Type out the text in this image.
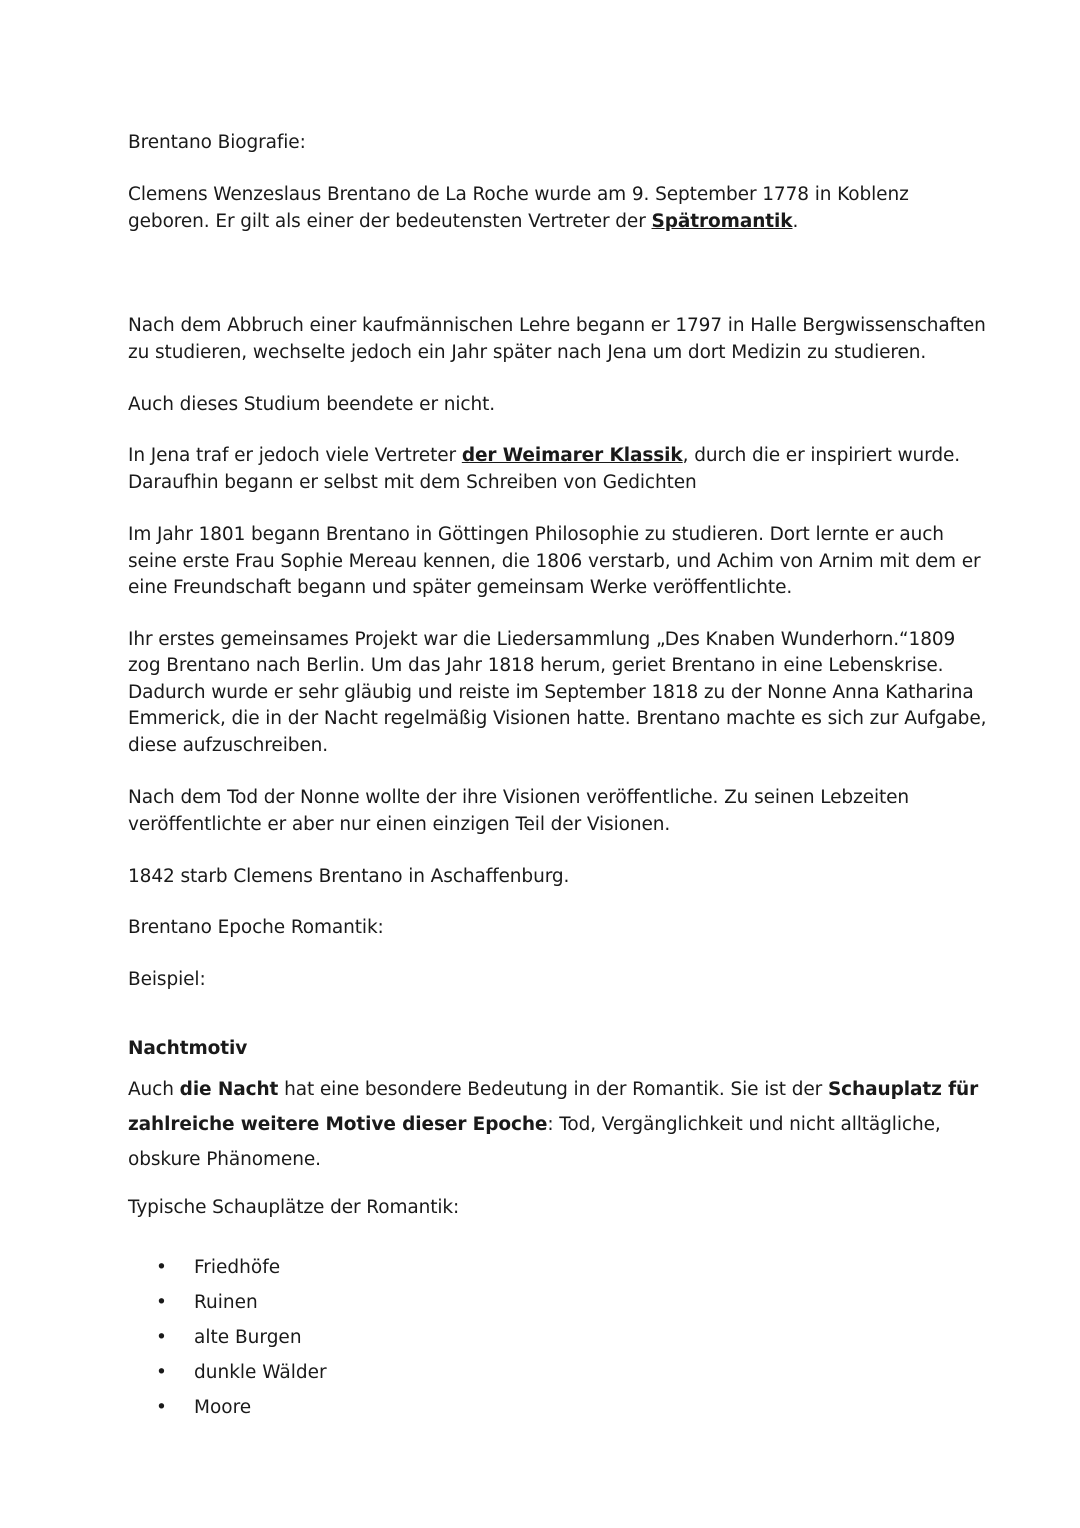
Brentano Biografie:
Clemens Wenzeslaus Brentano de La Roche wurde am 9. September 1778 in Koblenz
geboren. Er gilt als einer der bedeutensten Vertreter der Spätromantik.
Nach dem Abbruch einer kaufmännischen Lehre begann er 1797 in Halle Bergwissenschaften
zu studieren, wechselte jedoch ein Jahr später nach Jena um dort Medizin zu studieren.
Auch dieses Studium beendete er nicht.
In Jena traf er jedoch viele Vertreter der Weimarer Klassik, durch die er inspiriert wurde.
Daraufhin begann er selbst mit dem Schreiben von Gedichten
Im Jahr 1801 begann Brentano in Göttingen Philosophie zu studieren. Dort lernte er auch
seine erste Frau Sophie Mereau kennen, die 1806 verstarb, und Achim von Arnim mit dem er
eine Freundschaft begann und später gemeinsam Werke veröffentlichte.
Ihr erstes gemeinsames Projekt war die Liedersammlung „Des Knaben Wunderhorn.“1809
zog Brentano nach Berlin. Um das Jahr 1818 herum, geriet Brentano in eine Lebenskrise.
Dadurch wurde er sehr gläubig und reiste im September 1818 zu der Nonne Anna Katharina
Emmerick, die in der Nacht regelmäßig Visionen hatte. Brentano machte es sich zur Aufgabe,
diese aufzuschreiben.
Nach dem Tod der Nonne wollte der ihre Visionen veröffentliche. Zu seinen Lebzeiten
veröffentlichte er aber nur einen einzigen Teil der Visionen.
1842 starb Clemens Brentano in Aschaffenburg.
Brentano Epoche Romantik:
Beispiel:
Nachtmotiv
Auch die Nacht hat eine besondere Bedeutung in der Romantik. Sie ist der Schauplatz für
zahlreiche weitere Motive dieser Epoche: Tod, Vergänglichkeit und nicht alltägliche,
obskure Phänomene.
Typische Schauplätze der Romantik:
• Friedhöfe
• Ruinen
• alte Burgen
• dunkle Wälder
• Moore
